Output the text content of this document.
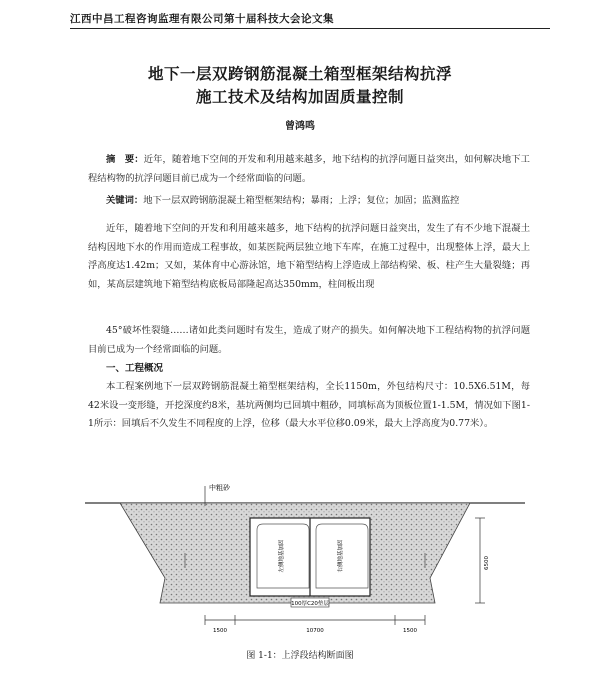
江西中昌工程咨询监理有限公司第十届科技大会论文集
地下一层双跨钢筋混凝土箱型框架结构抗浮
施工技术及结构加固质量控制
曾鸿鸣
摘　要：近年，随着地下空间的开发和利用越来越多，地下结构的抗浮问题日益突出，如何解决地下工程结构物的抗浮问题目前已成为一个经常面临的问题。
关键词：地下一层双跨钢筋混凝土箱型框架结构；暴雨；上浮；复位；加固；监测监控
近年，随着地下空间的开发和利用越来越多，地下结构的抗浮问题日益突出，发生了有不少地下混凝土结构因地下水的作用而造成工程事故，如某医院两层独立地下车库，在施工过程中，出现整体上浮，最大上浮高度达1.42m；又如，某体育中心游泳馆，地下箱型结构上浮造成上部结构梁、板、柱产生大量裂缝；再如，某高层建筑地下箱型结构底板局部隆起高达350mm，柱间板出现
45°破坏性裂缝……诸如此类问题时有发生，造成了财产的损失。如何解决地下工程结构物的抗浮问题目前已成为一个经常面临的问题。
一、工程概况
本工程案例地下一层双跨钢筋混凝土箱型框架结构，全长1150m，外包结构尺寸：10.5X6.51M，每42米设一变形缝，开挖深度约8米，基坑两侧均已回填中粗砂，同填标高为顶板位置1-1.5M，情况如下图1-1所示：回填后不久发生不同程度的上浮，位移（最大水平位移0.09米，最大上浮高度为0.77米）。
中粗砂
左侧地基加固	右侧地基加固
100厚C20垫层
6500
1500	10700	1500
图 1-1：上浮段结构断面图
